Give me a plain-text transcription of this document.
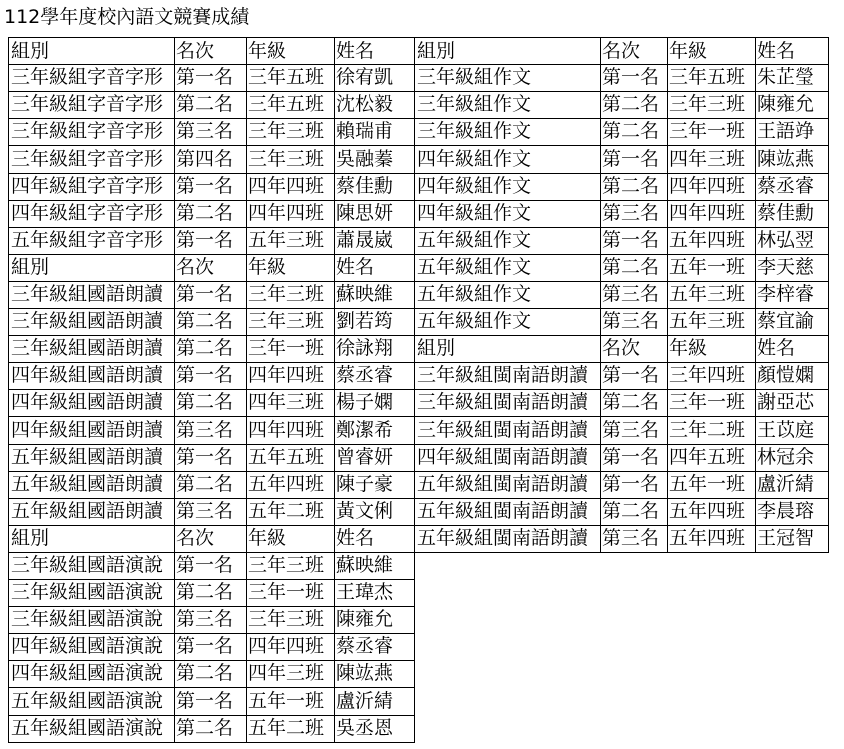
112學年度校內語文競賽成績
組別	名次	年級	姓名
三年級組字音字形 第一名 三年五班 徐宥凱
三年級組字音字形 第二名 三年五班 沈松毅
三年級組字音字形 第三名 三年三班 賴瑞甫
三年級組字音字形 第四名 三年三班 吳融蓁
四年級組字音字形 第一名 四年四班 蔡佳勳
四年級組字音字形 第二名 四年四班 陳思妍
五年級組字音字形 第一名 五年三班 蕭晟崴
組別	名次	年級	姓名
三年級組國語朗讀 第一名 三年三班 蘇映維
三年級組國語朗讀 第二名 三年三班 劉若筠
三年級組國語朗讀 第二名 三年一班 徐詠翔
四年級組國語朗讀 第一名 四年四班 蔡丞睿
四年級組國語朗讀 第二名 四年三班 楊子嫻
四年級組國語朗讀 第三名 四年四班 鄭潔希
五年級組國語朗讀 第一名 五年五班 曾睿妍
五年級組國語朗讀 第二名 五年四班 陳子豪
五年級組國語朗讀 第三名 五年二班 黃文俐
組別	名次	年級	姓名
三年級組國語演說 第一名 三年三班 蘇映維
三年級組國語演說 第二名 三年一班 王瑋杰
三年級組國語演說 第三名 三年三班 陳雍允
四年級組國語演說 第一名 四年四班 蔡丞睿
四年級組國語演說 第二名 四年三班 陳竑燕
五年級組國語演說 第一名 五年一班 盧沂綪
五年級組國語演說 第二名 五年二班 吳丞恩
組別	名次	年級	姓名
三年級組作文	第一名 三年五班 朱芷瑩
三年級組作文	第二名 三年三班 陳雍允
三年級組作文	第二名 三年一班 王語竫
四年級組作文	第一名 四年三班 陳竑燕
四年級組作文	第二名 四年四班 蔡丞睿
四年級組作文	第三名 四年四班 蔡佳勳
五年級組作文	第一名 五年四班 林弘翌
五年級組作文	第二名 五年一班 李天慈
五年級組作文	第三名 五年三班 李梓睿
五年級組作文	第三名 五年三班 蔡宜諭
組別	名次	年級	姓名
三年級組閩南語朗讀 第一名 三年四班 顏愷嫻
三年級組閩南語朗讀 第二名 三年一班 謝亞芯
三年級組閩南語朗讀 第三名 三年二班 王苡庭
四年級組閩南語朗讀 第一名 四年五班 林冠余
五年級組閩南語朗讀 第一名 五年一班 盧沂綪
五年級組閩南語朗讀 第二名 五年四班 李晨瑢
五年級組閩南語朗讀 第三名 五年四班 王冠智
